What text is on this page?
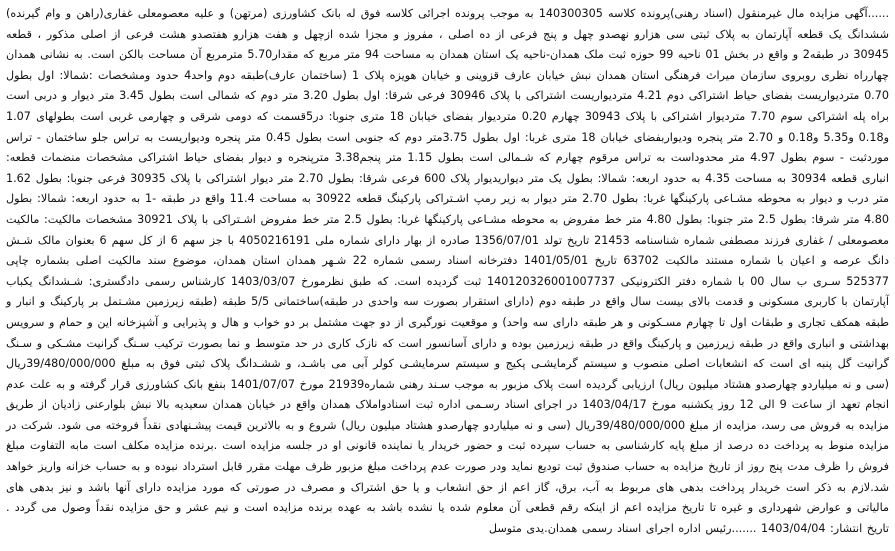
......آگهی مزایده مال غیرمنقول (اسناد رهنی)پرونده کلاسه 140300305 به موجب پرونده اجرائی کلاسه فوق له بانک کشاورزی (مرتهن) و علیه معصومعلی غفاری(راهن و وام گیرنده) ششدانگ یک قطعه آپارتمان به پلاک ثبتی سی هزارو نهصدو چهل و پنج فرعی از ده اصلی ، مفروز و مجزا شده ازچهل و هفت هزارو هفتصدو هشت فرعی از اصلی مذکور ، قطعه 30945 در طبقه2 و واقع در بخش 01 ناحیه 99 حوزه ثبت ملک همدان-ناحیه یک استان همدان به مساحت 94 متر مربع که مقدار5.70 مترمربع آن مساحت بالکن است. به نشانی همدان چهارراه نظری روبروی سازمان میراث فرهنگی استان همدان نبش خیابان عارف قزوینی و خیابان هویزه پلاک 1 (ساختمان عارف)طبقه دوم واحد4 حدود ومشخصات :شمالا: اول بطول 0.70 متردیواریست بفضای حیاط اشتراکی دوم 4.21 متردیواریست اشتراکی با پلاک 30946 فرعی شرقا: اول بطول 3.20 متر دوم که شمالی است بطول 3.45 متر دیوار و دربی است براه پله اشتراکی سوم 7.70 متردیوار اشتراکی با پلاک 30943 چهارم 0.20 متردیوار بفضای خیابان 18 متری جنوبا: در5قسمت که دومی شرقی و چهارمی غربی است بطولهای 1.07 و0.18 و5.35 و0.18 و 2.70 متر پنجره ودیواربفضای خیابان 18 متری غربا: اول بطول 3.75متر دوم که جنوبی است بطول 0.45 متر پنجره ودیواریست به تراس جلو ساختمان - تراس موردثبت - سوم بطول 4.97 متر محدوداست به تراس مرقوم چهارم که شـمالی است بطول 1.15 متر پنجم3.38 مترپنجره و دیوار بفضای حیاط اشتراکی مشخصات منضمات قطعه: انباری قطعه 30934 به مساحت 4.35 به حدود اربعه: شمالا: بطول یک متر دیواریدیوار پلاک 600 فرعی شرقا: بطول 2.70 متر دیوار اشتراکی با پلاک 30935 فرعی جنوبا: بطول 1.62 متر درب و دیوار به محوطه مشـاعی پارکینگها غربا: بطول 2.70 متر دیوار به زیر رمپ اشـتراکی پارکینگ قطعه 30922 به مساحت 11.4 واقع در طبقه -1 به حدود اربعه: شمالا: بطول 4.80 متر شرقا: بطول 2.5 متر جنوبا: بطول 4.80 متر خط مفروض به محوطه مشـاعی پارکینگها غربا: بطول 2.5 متر خط مفروض اشـتراکی با پلاک 30921 مشخصات مالکیت: مالکیت معصومعلی / غفاری فرزند مصطفی شماره شناسنامه 21453 تاریخ تولد 1356/07/01 صادره از بهار دارای شماره ملی 4050216191 با جز سهم 6 از کل سهم 6 بعنوان مالک شـش دانگ عرصه و اعیان با شماره مستند مالکیت 63702 تاریخ 1401/05/01 دفترخانه اسناد رسمی شماره 22 شـهر همدان استان همدان، موضوع سند مالکیت اصلی بشماره چاپی 525377 سـری ب سال 00 با شماره دفتر الکترونیکی 140120326001007737 ثبت گردیده است. که طبق نظرمورخ 1403/03/07 کارشناس رسمی دادگستری: شـشدانگ یکباب آپارتمان با کاربری مسکونی و قدمت بالای بیست سال واقع در طبقه دوم (دارای استقرار بصورت سه واحدی در طبقه)ساختمانی 5/5 طبقه (طبقه زیرزمین مشـتمل بر پارکینگ و انبار و طبقه همکف تجاری و طبقات اول تا چهارم مسـکونی و هر طبقه دارای سه واحد) و موقعیت نورگیری از دو جهت مشتمل بر دو خواب و هال و پذیرایی و آشپزخانه این و حمام و سرویس بهداشتی و انباری واقع در طبقه زیرزمین و پارکینگ واقع در طبقه زیرزمین بوده و دارای آسانسور است که نازک کاری در حد متوسط و نما بصورت ترکیب سـنگ گرانیت مشـکی و سـنگ گرانیت گل پنبه ای است که انشعابات اصلی منصوب و سیستم گرمایشـی پکیج و سیستم سرمایشـی کولر آبی می باشـد، و ششـدانگ پلاک ثبتی فوق به مبلغ 39/480/000/000ریال (سی و نه میلیاردو چهارصدو هشتاد میلیون ریال) ارزیابی گردیده است پلاک مزبور به موجب سـند رهنی شماره21939 مورخ 1401/07/07 بنفع بانک کشاورزی قرار گرفته و به علت عدم انجام تعهد از ساعت 9 الی 12 روز یکشنبه مورخ 1403/04/17 در اجرای اسناد رسـمی اداره ثبت اسنادواملاک همدان واقع در خیابان همدان سعیدیه بالا نبش بلوارعنی زادیان از طریق مزایده به فروش می رسد، مزایده از مبلغ 39/480/000/000ریال (سی و نه میلیاردو چهارصدو هشتاد میلیون ریال) شروع و به بالاترین قیمت پیشـنهادی نقداً فروخته می شود. شرکت در مزایده منوط به پرداخت ده درصد از مبلغ پایه کارشناسی به حساب سپرده ثبت و حضور خریدار یا نماینده قانونی او در جلسه مزایده است .برنده مزایده مکلف است مابه التفاوت مبلغ فروش را ظرف مدت پنج روز از تاریخ مزایده به حساب صندوق ثبت تودیع نماید ودر صورت عدم پرداخت مبلغ مزبور ظرف مهلت مقرر قابل استرداد نبوده و به حساب خزانه واریز خواهد شد.لازم به ذکر است خریدار پرداخت بدهی های مربوط به آب، برق، گاز اعم از حق انشعاب و یا حق اشتراک و مصرف در صورتی که مورد مزایده دارای آنها باشد و نیز بدهی های مالیاتی و عوارض شهرداری و غیره تا تاریخ مزایده اعم از اینکه رقم قطعی آن معلوم شده یا نشده باشد به عهده برنده مزایده است و نیم عشر و حق مزایده نقداً وصول می گردد . تاریخ انتشار: 1403/04/04 .......رئیس اداره اجرای اسناد رسمی همدان.یدی متوسل
